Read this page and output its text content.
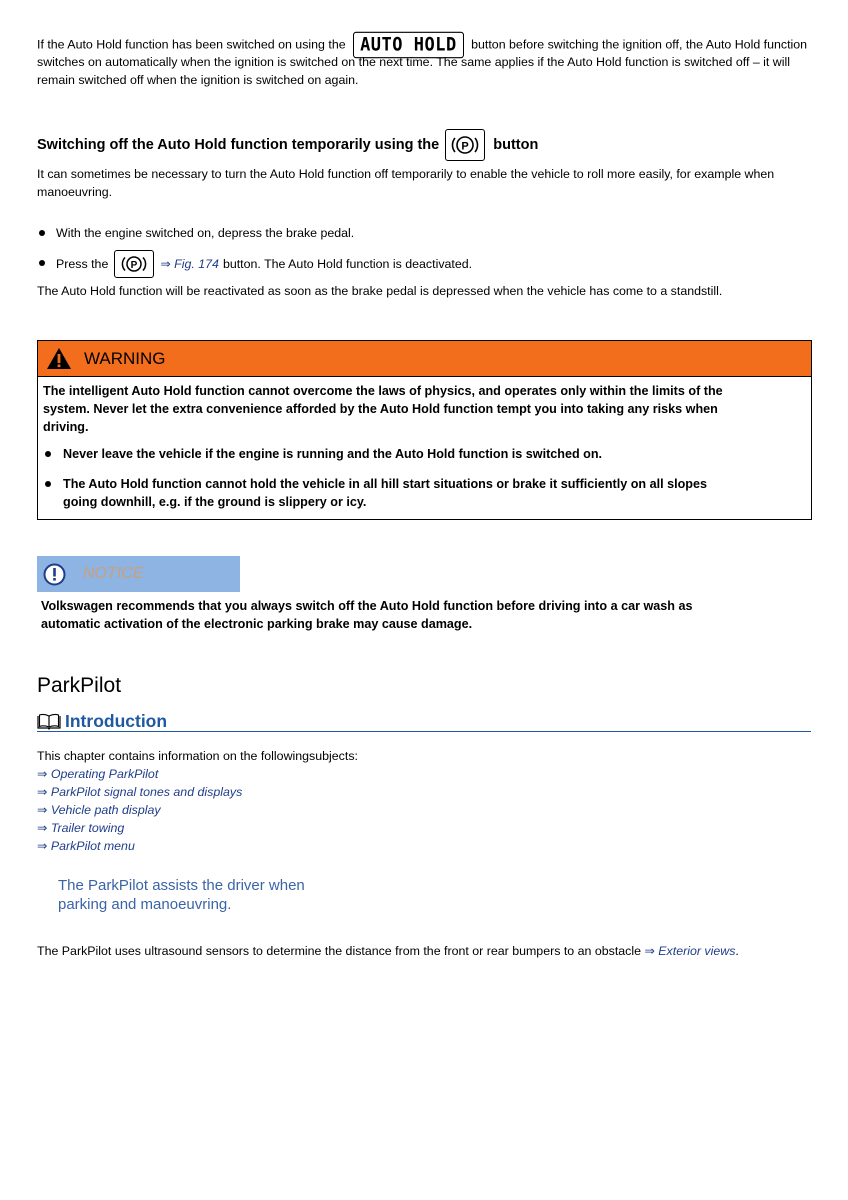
If the Auto Hold function has been switched on using the AUTO HOLD button before switching the ignition off, the Auto Hold function
switches on automatically when the ignition is switched on the next time. The same applies if the Auto Hold function is switched off – it will
remain switched off when the ignition is switched on again.
Switching off the Auto Hold function temporarily using the P button
It can sometimes be necessary to turn the Auto Hold function off temporarily to enable the vehicle to roll more easily, for example when
manoeuvring.
With the engine switched on, depress the brake pedal.
Press the P ⇒ Fig. 174 button. The Auto Hold function is deactivated.
The Auto Hold function will be reactivated as soon as the brake pedal is depressed when the vehicle has come to a standstill.
WARNING
The intelligent Auto Hold function cannot overcome the laws of physics, and operates only within the limits of the
system. Never let the extra convenience afforded by the Auto Hold function tempt you into taking any risks when
driving.
Never leave the vehicle if the engine is running and the Auto Hold function is switched on.
The Auto Hold function cannot hold the vehicle in all hill start situations or brake it sufficiently on all slopes
going downhill, e.g. if the ground is slippery or icy.
NOTICE
Volkswagen recommends that you always switch off the Auto Hold function before driving into a car wash as
automatic activation of the electronic parking brake may cause damage.
ParkPilot
Introduction
This chapter contains information on the followingsubjects:
⇒ Operating ParkPilot
⇒ ParkPilot signal tones and displays
⇒ Vehicle path display
⇒ Trailer towing
⇒ ParkPilot menu
The ParkPilot assists the driver when
parking and manoeuvring.
The ParkPilot uses ultrasound sensors to determine the distance from the front or rear bumpers to an obstacle ⇒ Exterior views.
